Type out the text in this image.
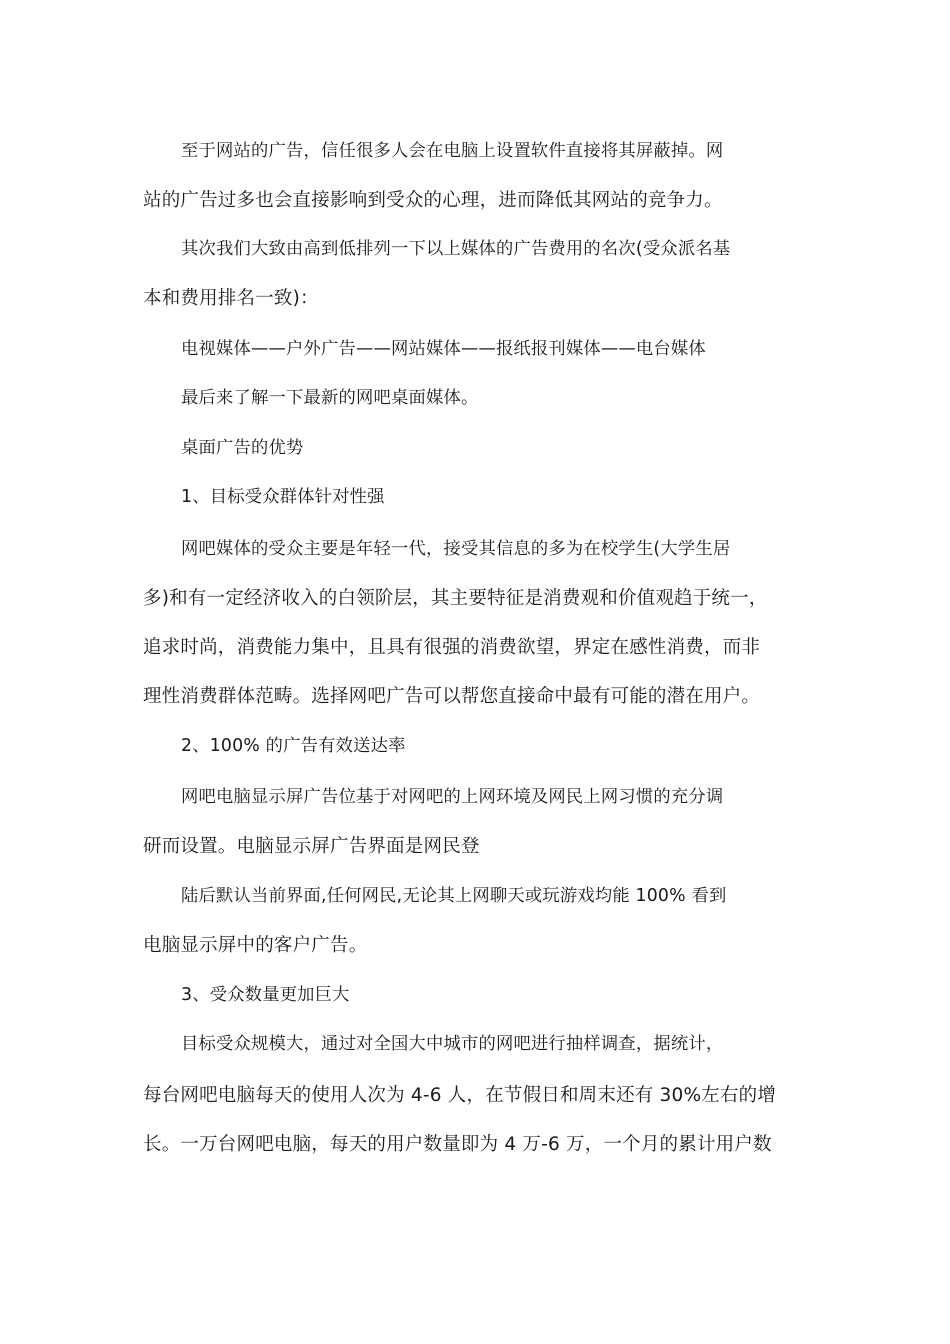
至于网站的广告，信任很多人会在电脑上设置软件直接将其屏蔽掉。网
站的广告过多也会直接影响到受众的心理，进而降低其网站的竞争力。
其次我们大致由高到低排列一下以上媒体的广告费用的名次(受众派名基
本和费用排名一致)：
电视媒体——户外广告——网站媒体——报纸报刊媒体——电台媒体
最后来了解一下最新的网吧桌面媒体。
桌面广告的优势
1、目标受众群体针对性强
网吧媒体的受众主要是年轻一代，接受其信息的多为在校学生(大学生居
多)和有一定经济收入的白领阶层，其主要特征是消费观和价值观趋于统一，
追求时尚，消费能力集中，且具有很强的消费欲望，界定在感性消费，而非
理性消费群体范畴。选择网吧广告可以帮您直接命中最有可能的潜在用户。
2、100% 的广告有效送达率
网吧电脑显示屏广告位基于对网吧的上网环境及网民上网习惯的充分调
研而设置。电脑显示屏广告界面是网民登
陆后默认当前界面,任何网民,无论其上网聊天或玩游戏均能 100% 看到
电脑显示屏中的客户广告。
3、受众数量更加巨大
目标受众规模大，通过对全国大中城市的网吧进行抽样调查，据统计，
每台网吧电脑每天的使用人次为 4-6 人，在节假日和周末还有 30%左右的增
长。一万台网吧电脑，每天的用户数量即为 4 万-6 万，一个月的累计用户数
